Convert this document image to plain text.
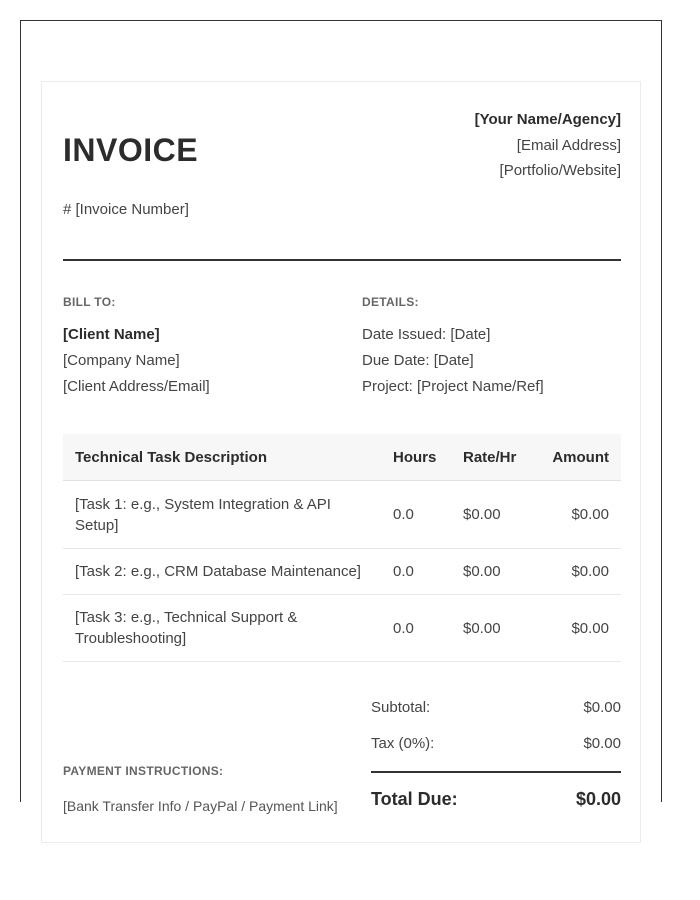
INVOICE
# [Invoice Number]
[Your Name/Agency]
[Email Address]
[Portfolio/Website]
BILL TO:
[Client Name]
[Company Name]
[Client Address/Email]
DETAILS:
Date Issued: [Date]
Due Date: [Date]
Project: [Project Name/Ref]
Technical Task Description	Hours	Rate/Hr	Amount
[Task 1: e.g., System Integration & API Setup]	0.0	$0.00	$0.00
[Task 2: e.g., CRM Database Maintenance]	0.0	$0.00	$0.00
[Task 3: e.g., Technical Support & Troubleshooting]	0.0	$0.00	$0.00
Subtotal:	$0.00
Tax (0%):	$0.00
Total Due:	$0.00
PAYMENT INSTRUCTIONS:
[Bank Transfer Info / PayPal / Payment Link]
